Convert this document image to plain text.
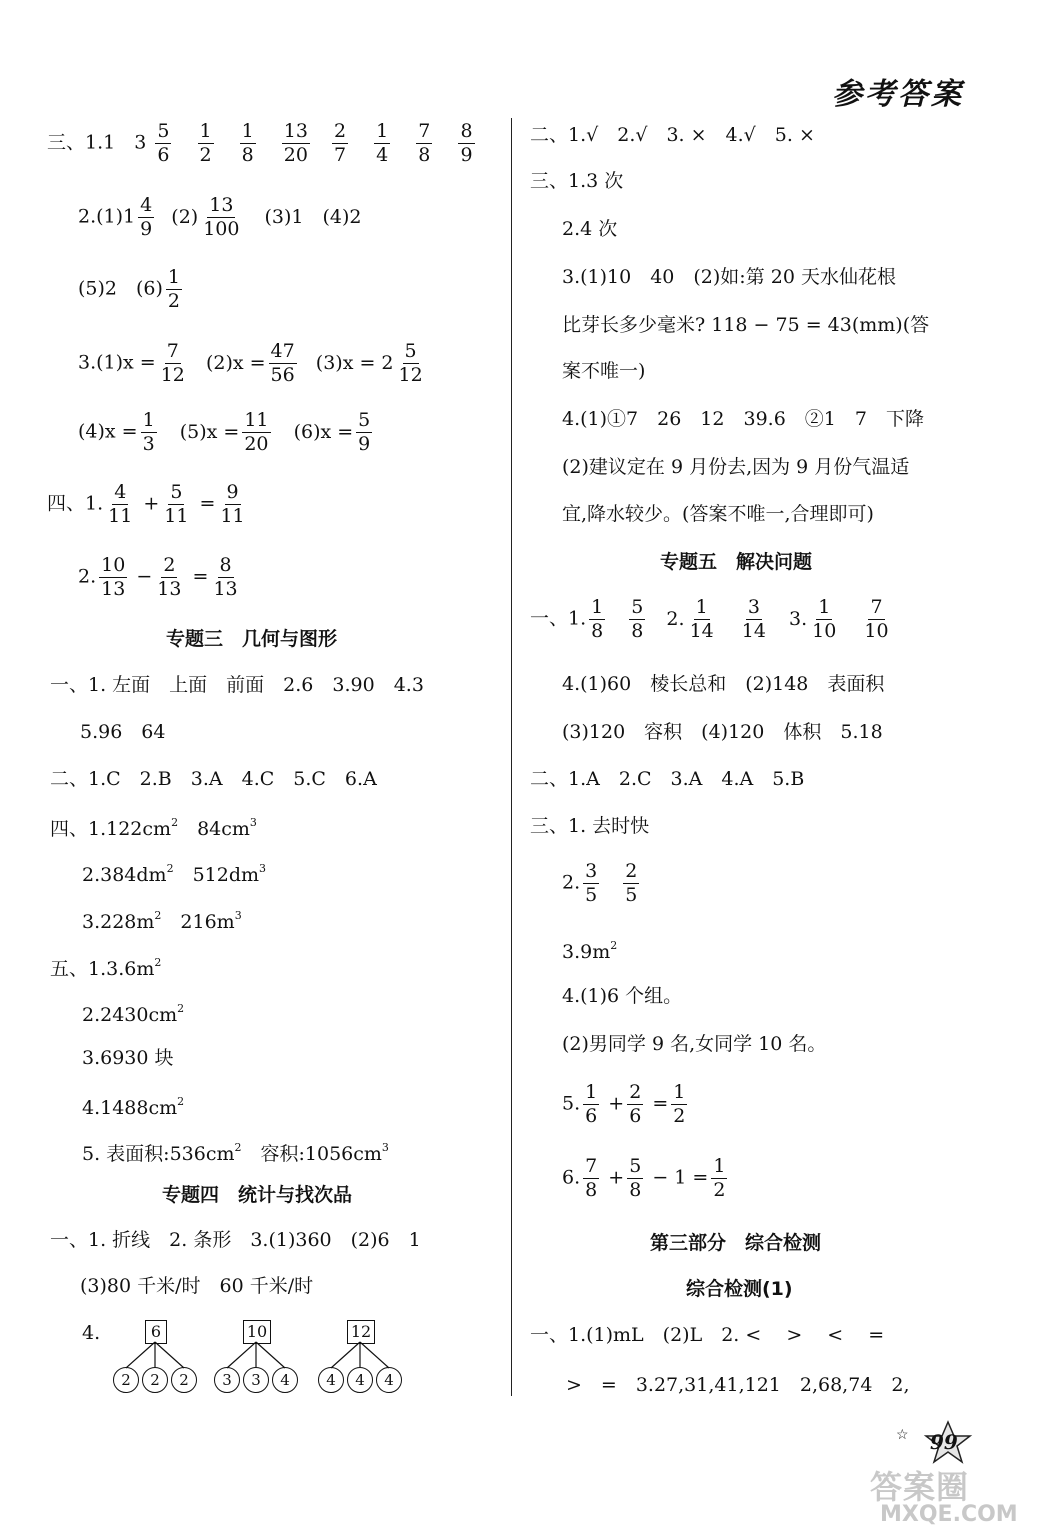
参考答案
三、1.1　$3 \frac{5}{6}$
$\frac{1}{2}$
$\frac{1}{8}$
$\frac{13}{20}$
$\frac{2}{7}$
$\frac{1}{4}$
$\frac{7}{8}$
$\frac{8}{9}$
$2.(1)1 \frac{4}{9} (2) \frac{13}{100} (3)1$　(4)2
(5)2　$(6) \frac{1}{2}$
$3.(1)x = \frac{7}{12} (2)x = \frac{47}{56} (3)x = 2 \frac{5}{12}$
$(4)x = \frac{1}{3} (5)x = \frac{11}{20} (6)x = \frac{5}{9}$
四、1. $\frac{4}{11} + \frac{5}{11} = \frac{9}{11}$
2. $\frac{10}{13} - \frac{2}{13} = \frac{8}{13}$
专题三　几何与图形
一、1. 左面　上面　前面　2.6　3.90　4.3
5.96　64
二、1.C　2.B　3.A　4.C　5.C　6.A
四、$1.122cm^2$　$84cm^3$
$2.384dm^2$　$512dm^3$
$3.228m^2$　$216m^3$
五、$1.3.6m^2$
$2.2430cm^2$
3.6930 块
$4.1488cm^2$
5. 表面积$:536cm^2$　容积$:1056cm^3$
专题四　统计与找次品
一、1. 折线　2. 条形　3.(1)360　(2)6　1
(3)80 千米/时　60 千米/时
4.	6
2	2	2
10
3	3	4
12
4	4	4
二、1.√　2.√　3. ×　4.√　5. ×
三、1.3 次
2.4 次
3.(1)10　40　(2)如:第 20 天水仙花根
比芽长多少毫米? 118 − 75 = 43(mm)(答
案不唯一)
4.(1)①7　26　12　39.6　②1　7　下降
(2)建议定在 9 月份去,因为 9 月份气温适
宜,降水较少。(答案不唯一,合理即可)
专题五　解决问题
一、1. $\frac{1}{8}$
$\frac{5}{8} 2$. $\frac{1}{14}$
$\frac{3}{14} 3$. $\frac{1}{10}$
$\frac{7}{10}$
4.(1)60　棱长总和　(2)148　表面积
(3)120　容积　(4)120　体积　5.18
二、1.A　2.C　3.A　4.A　5.B
三、1. 去时快
2. $\frac{3}{5}$
$\frac{2}{5}$
$3.9m^2$
4.(1)6 个组。
(2)男同学 9 名,女同学 10 名。
5. $\frac{1}{6} + \frac{2}{6} = \frac{1}{2}$
6. $\frac{7}{8} + \frac{5}{8} - 1 = \frac{1}{2}$
第三部分　综合检测
综合检测(1)
一、1.(1)mL　(2)L　2. <　 >　 <　 =
>　=　3.27,31,41,121　2,68,74　2,
99
☆
答案圈
MXQE.COM
